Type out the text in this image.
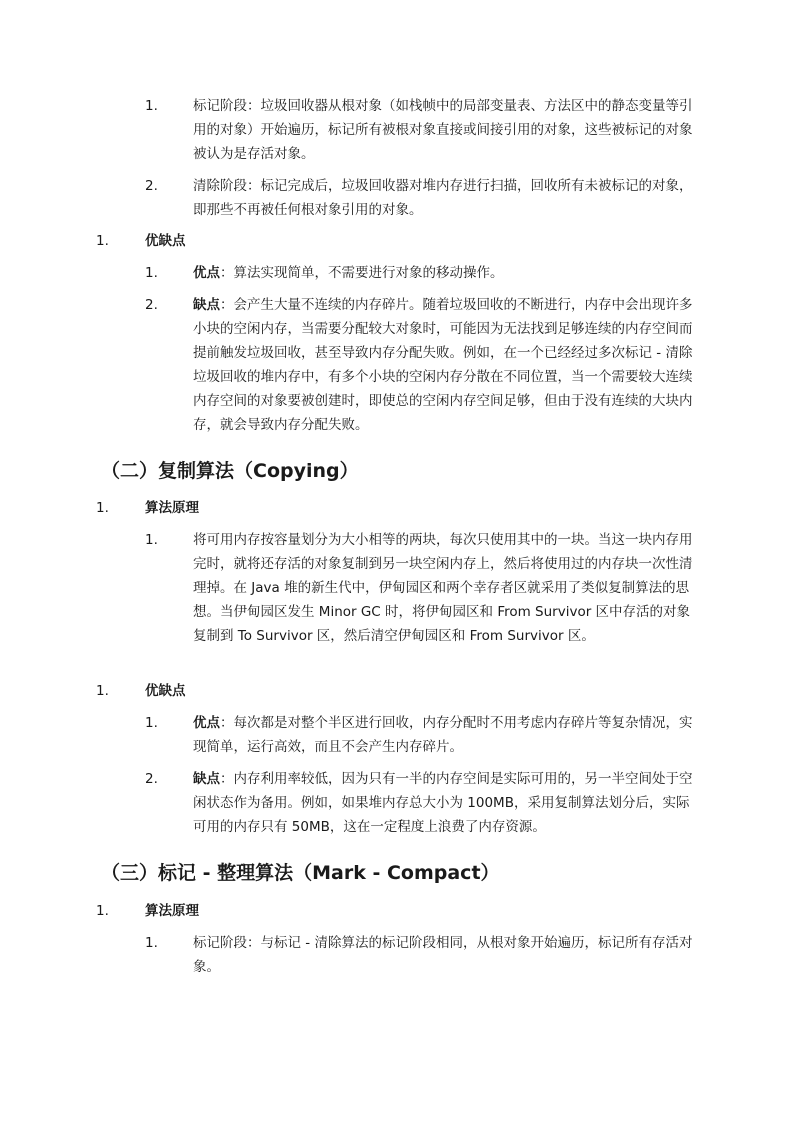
1.	标记阶段：垃圾回收器从根对象（如栈帧中的局部变量表、方法区中的静态变量等引用的对象）开始遍历，标记所有被根对象直接或间接引用的对象，这些被标记的对象被认为是存活对象。
2.	清除阶段：标记完成后，垃圾回收器对堆内存进行扫描，回收所有未被标记的对象，即那些不再被任何根对象引用的对象。
1.	优缺点
1.	优点：算法实现简单，不需要进行对象的移动操作。
2.	缺点：会产生大量不连续的内存碎片。随着垃圾回收的不断进行，内存中会出现许多小块的空闲内存，当需要分配较大对象时，可能因为无法找到足够连续的内存空间而提前触发垃圾回收，甚至导致内存分配失败。例如，在一个已经经过多次标记 - 清除垃圾回收的堆内存中，有多个小块的空闲内存分散在不同位置，当一个需要较大连续内存空间的对象要被创建时，即使总的空闲内存空间足够，但由于没有连续的大块内存，就会导致内存分配失败。
（二）复制算法（Copying）
1.	算法原理
1.	将可用内存按容量划分为大小相等的两块，每次只使用其中的一块。当这一块内存用完时，就将还存活的对象复制到另一块空闲内存上，然后将使用过的内存块一次性清理掉。在 Java 堆的新生代中，伊甸园区和两个幸存者区就采用了类似复制算法的思想。当伊甸园区发生 Minor GC 时，将伊甸园区和 From Survivor 区中存活的对象复制到 To Survivor 区，然后清空伊甸园区和 From Survivor 区。
1.	优缺点
1.	优点：每次都是对整个半区进行回收，内存分配时不用考虑内存碎片等复杂情况，实现简单，运行高效，而且不会产生内存碎片。
2.	缺点：内存利用率较低，因为只有一半的内存空间是实际可用的，另一半空间处于空闲状态作为备用。例如，如果堆内存总大小为 100MB，采用复制算法划分后，实际可用的内存只有 50MB，这在一定程度上浪费了内存资源。
（三）标记 - 整理算法（Mark - Compact）
1.	算法原理
1.	标记阶段：与标记 - 清除算法的标记阶段相同，从根对象开始遍历，标记所有存活对象。
